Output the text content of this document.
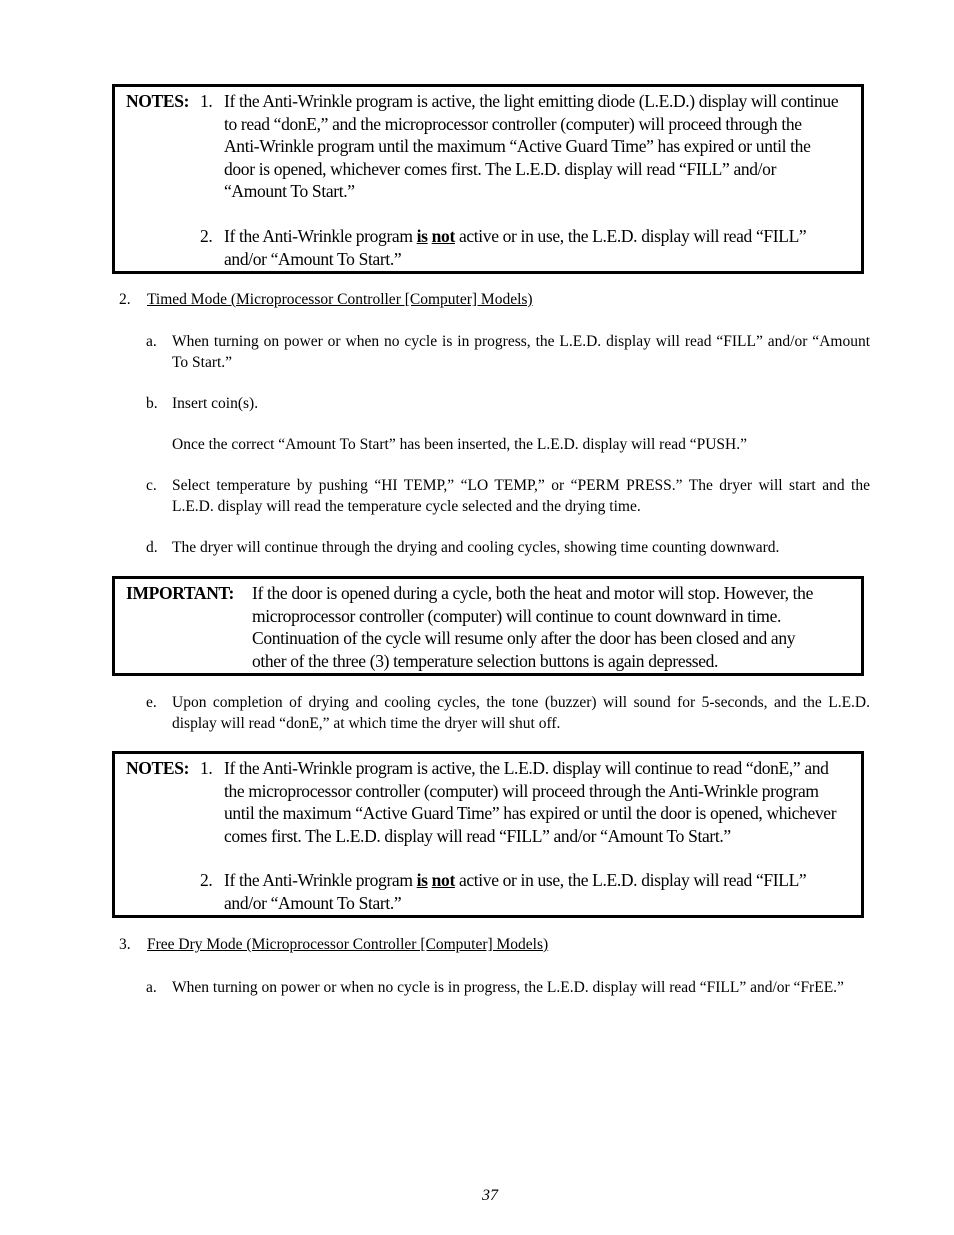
NOTES: 1. If the Anti-Wrinkle program is active, the light emitting diode (L.E.D.) display will continue
to read “donE,” and the microprocessor controller (computer) will proceed through the
Anti-Wrinkle program until the maximum “Active Guard Time” has expired or until the
door is opened, whichever comes first. The L.E.D. display will read “FILL” and/or
“Amount To Start.”
2. If the Anti-Wrinkle program is not active or in use, the L.E.D. display will read “FILL”
and/or “Amount To Start.”
2. Timed Mode (Microprocessor Controller [Computer] Models)
a. When turning on power or when no cycle is in progress, the L.E.D. display will read “FILL” and/or “Amount To Start.”
b. Insert coin(s).
Once the correct “Amount To Start” has been inserted, the L.E.D. display will read “PUSH.”
c. Select temperature by pushing “HI TEMP,” “LO TEMP,” or “PERM PRESS.” The dryer will start and the L.E.D. display will read the temperature cycle selected and the drying time.
d. The dryer will continue through the drying and cooling cycles, showing time counting downward.
IMPORTANT: If the door is opened during a cycle, both the heat and motor will stop. However, the
microprocessor controller (computer) will continue to count downward in time.
Continuation of the cycle will resume only after the door has been closed and any
other of the three (3) temperature selection buttons is again depressed.
e. Upon completion of drying and cooling cycles, the tone (buzzer) will sound for 5-seconds, and the L.E.D. display will read “donE,” at which time the dryer will shut off.
NOTES: 1. If the Anti-Wrinkle program is active, the L.E.D. display will continue to read “donE,” and
the microprocessor controller (computer) will proceed through the Anti-Wrinkle program
until the maximum “Active Guard Time” has expired or until the door is opened, whichever
comes first. The L.E.D. display will read “FILL” and/or “Amount To Start.”
2. If the Anti-Wrinkle program is not active or in use, the L.E.D. display will read “FILL”
and/or “Amount To Start.”
3. Free Dry Mode (Microprocessor Controller [Computer] Models)
a. When turning on power or when no cycle is in progress, the L.E.D. display will read “FILL” and/or “FrEE.”
37
